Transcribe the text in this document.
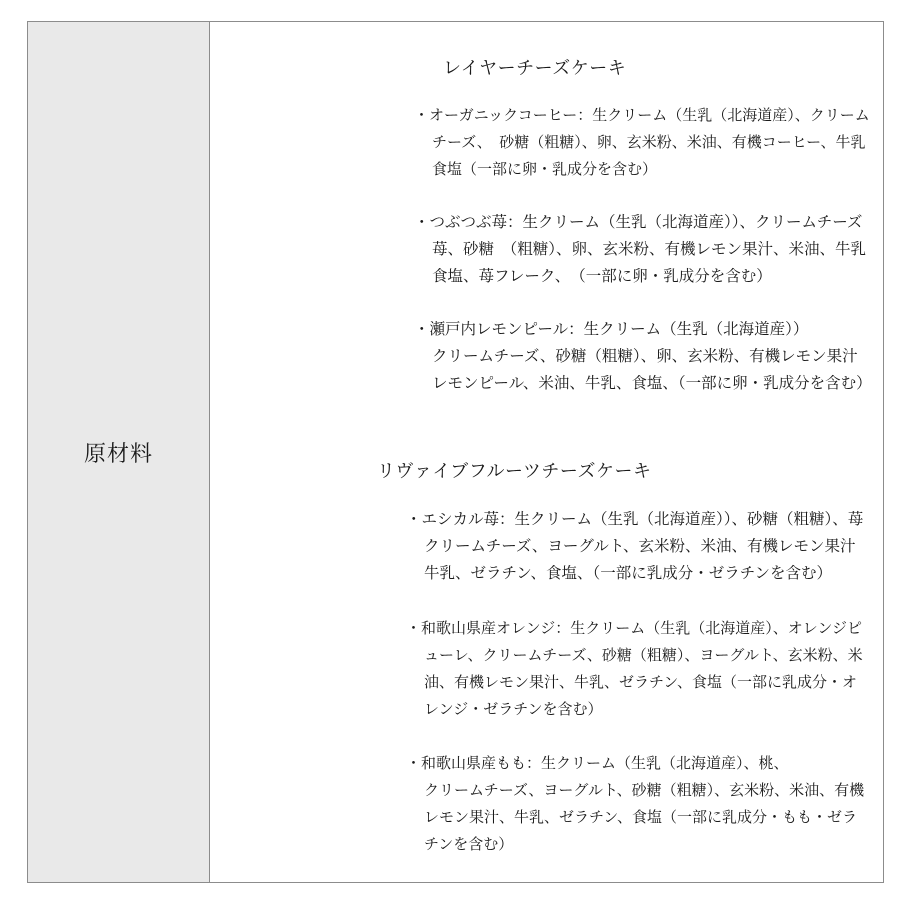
原材料
レイヤーチーズケーキ
・オーガニックコーヒー：生クリーム（生乳（北海道産）、クリーム
チーズ、　砂糖（粗糖）、卵、玄米粉、米油、有機コーヒー、牛乳
食塩（一部に卵・乳成分を含む）
・つぶつぶ苺：生クリーム（生乳（北海道産））、クリームチーズ
苺、砂糖　（粗糖）、卵、玄米粉、有機レモン果汁、米油、牛乳
食塩、苺フレーク、　（一部に卵・乳成分を含む）
・瀬戸内レモンピール：生クリーム（生乳（北海道産））
クリームチーズ、砂糖（粗糖）、卵、玄米粉、有機レモン果汁
レモンピール、米油、牛乳、食塩、（一部に卵・乳成分を含む）
リヴァイブフルーツチーズケーキ
・エシカル苺：生クリーム（生乳（北海道産））、砂糖（粗糖）、苺
クリームチーズ、ヨーグルト、玄米粉、米油、有機レモン果汁
牛乳、ゼラチン、食塩、（一部に乳成分・ゼラチンを含む）
・和歌山県産オレンジ：生クリーム（生乳（北海道産）、オレンジピ
ューレ、クリームチーズ、砂糖（粗糖）、ヨーグルト、玄米粉、米
油、有機レモン果汁、牛乳、ゼラチン、食塩（一部に乳成分・オ
レンジ・ゼラチンを含む）
・和歌山県産もも：生クリーム（生乳（北海道産）、桃、
クリームチーズ、ヨーグルト、砂糖（粗糖）、玄米粉、米油、有機
レモン果汁、牛乳、ゼラチン、食塩（一部に乳成分・もも・ゼラ
チンを含む）
